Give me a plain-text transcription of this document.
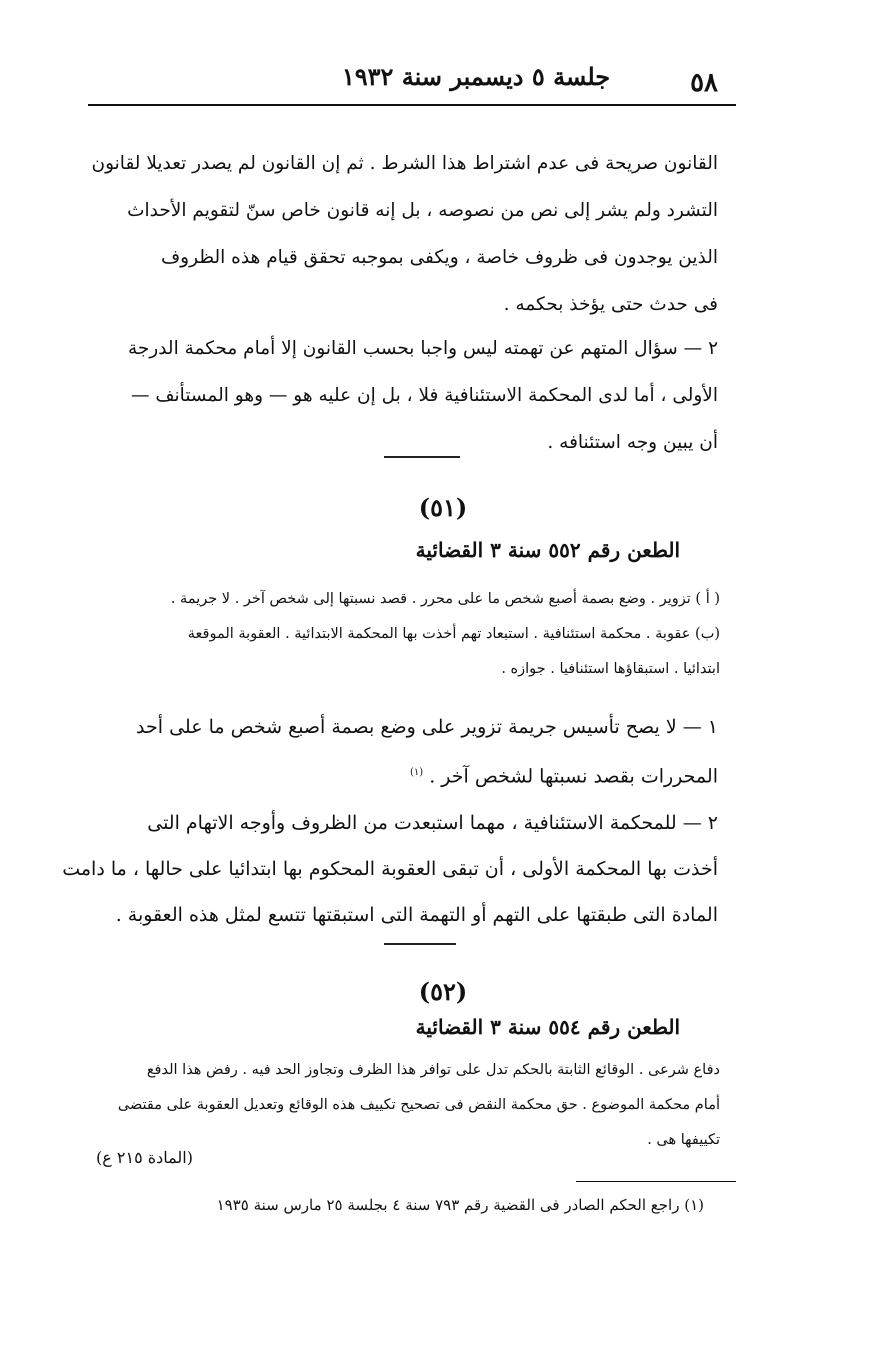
٥٨
جلسة ٥ ديسمبر سنة ١٩٣٢
القانون صريحة فى عدم اشتراط هذا الشرط . ثم إن القانون لم يصدر تعديلا لقانون
التشرد ولم يشر إلى نص من نصوصه ، بل إنه قانون خاص سنّ لتقويم الأحداث
الذين يوجدون فى ظروف خاصة ، ويكفى بموجبه تحقق قيام هذه الظروف
فى حدث حتى يؤخذ بحكمه .
٢ — سؤال المتهم عن تهمته ليس واجبا بحسب القانون إلا أمام محكمة الدرجة
الأولى ، أما لدى المحكمة الاستئنافية فلا ، بل إن عليه هو — وهو المستأنف —
أن يبين وجه استئنافه .
(٥١)
الطعن رقم ٥٥٢ سنة ٣ القضائية
( أ ) تزوير . وضع بصمة أصبع شخص ما على محرر . قصد نسبتها إلى شخص آخر . لا جريمة .
(ب) عقوبة . محكمة استئنافية . استبعاد تهم أخذت بها المحكمة الابتدائية . العقوبة الموقعة
ابتدائيا . استبقاؤها استئنافيا . جوازه .
١ — لا يصح تأسيس جريمة تزوير على وضع بصمة أصبع شخص ما على أحد
المحررات بقصد نسبتها لشخص آخر . $^{(١)}$
٢ — للمحكمة الاستئنافية ، مهما استبعدت من الظروف وأوجه الاتهام التى
أخذت بها المحكمة الأولى ، أن تبقى العقوبة المحكوم بها ابتدائيا على حالها ، ما دامت
المادة التى طبقتها على التهم أو التهمة التى استبقتها تتسع لمثل هذه العقوبة .
(٥٢)
الطعن رقم ٥٥٤ سنة ٣ القضائية
دفاع شرعى . الوقائع الثابتة بالحكم تدل على توافر هذا الظرف وتجاوز الحد فيه . رفض هذا الدفع
أمام محكمة الموضوع . حق محكمة النقض فى تصحيح تكييف هذه الوقائع وتعديل العقوبة على مقتضى
تكييفها هى .
(المادة ٢١٥ ع)
(١) راجع الحكم الصادر فى القضية رقم ٧٩٣ سنة ٤ بجلسة ٢٥ مارس سنة ١٩٣٥
